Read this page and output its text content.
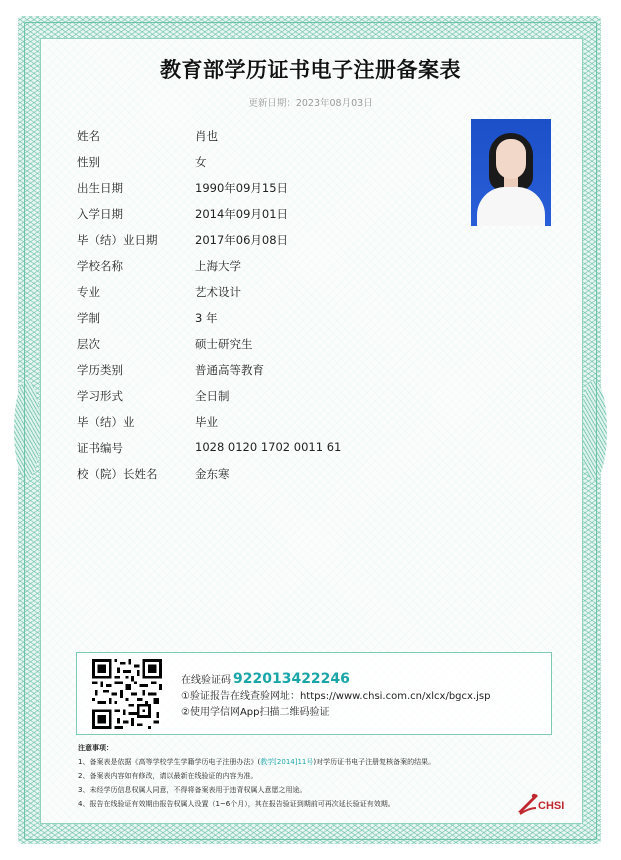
教育部学历证书电子注册备案表
更新日期：2023年08月03日
姓名	肖也
性别	女
出生日期	1990年09月15日
入学日期	2014年09月01日
毕（结）业日期	2017年06月08日
学校名称	上海大学
专业	艺术设计
学制	3 年
层次	硕士研究生
学历类别	普通高等教育
学习形式	全日制
毕（结）业	毕业
证书编号	1028 0120 1702 0011 61
校（院）长姓名	金东寒
在线验证码 922013422246
①验证报告在线查验网址：https://www.chsi.com.cn/xlcx/bgcx.jsp
②使用学信网App扫描二维码验证
注意事项：
1、备案表是依据《高等学校学生学籍学历电子注册办法》(教学[2014]11号)对学历证书电子注册复核备案的结果。
2、备案表内容如有修改，请以最新在线验证的内容为准。
3、未经学历信息权属人同意，不得将备案表用于违背权属人意愿之用途。
4、报告在线验证有效期由报告权属人设置（1~6个月），其在报告验证到期前可再次延长验证有效期。	CHSI
